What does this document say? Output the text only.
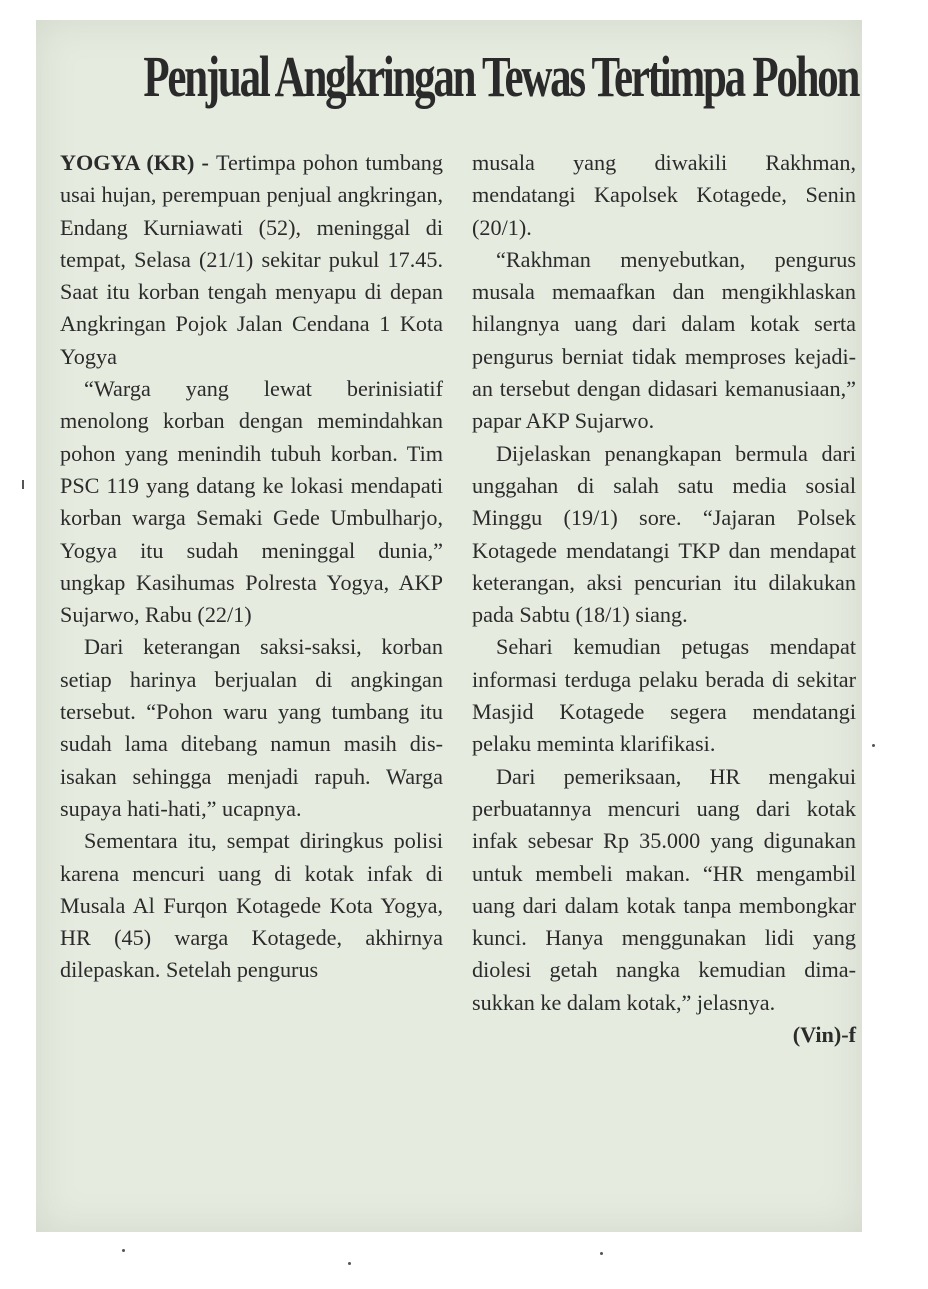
Penjual Angkringan Tewas Tertimpa Pohon

YOGYA (KR) - Tertimpa pohon tumbang usai hujan, perempuan penjual angkringan, Endang Kurniawati (52), meninggal di tempat, Selasa (21/1) sekitar pukul 17.45. Saat itu korban tengah menyapu di depan Angkringan Pojok Jalan Cendana 1 Kota Yogya

“Warga yang lewat berinisiatif menolong korban dengan memindahkan pohon yang menindih tubuh korban. Tim PSC 119 yang datang ke lokasi mendapati korban warga Semaki Gede Umbulharjo, Yogya itu sudah meninggal dunia,” ungkap Kasihumas Polresta Yogya, AKP Sujarwo, Rabu (22/1)

Dari keterangan saksi-saksi, korban setiap harinya berjualan di angkingan tersebut. “Pohon waru yang tumbang itu sudah lama ditebang namun masih disisakan sehingga menjadi rapuh. Warga supaya hati-hati,” ucapnya.

Sementara itu, sempat diringkus polisi karena mencuri uang di kotak infak di Musala Al Furqon Kotagede Kota Yogya, HR (45) warga Kotagede, akhirnya dilepaskan. Setelah pengurus

musala yang diwakili Rakhman, mendatangi Kapolsek Kotagede, Senin (20/1).

“Rakhman menyebutkan, pengurus musala memaafkan dan mengikhlaskan hilangnya uang dari dalam kotak serta pengurus berniat tidak memproses kejadian tersebut dengan didasari kemanusiaan,” papar AKP Sujarwo.

Dijelaskan penangkapan bermula dari unggahan di salah satu media sosial Minggu (19/1) sore. “Jajaran Polsek Kotagede mendatangi TKP dan mendapat keterangan, aksi pencurian itu dilakukan pada Sabtu (18/1) siang.

Sehari kemudian petugas mendapat informasi terduga pelaku berada di sekitar Masjid Kotagede segera mendatangi pelaku meminta klarifikasi.

Dari pemeriksaan, HR mengakui perbuatannya mencuri uang dari kotak infak sebesar Rp 35.000 yang digunakan untuk membeli makan. “HR mengambil uang dari dalam kotak tanpa membongkar kunci. Hanya menggunakan lidi yang diolesi getah nangka kemudian dimasukkan ke dalam kotak,” jelasnya.
(Vin)-f
